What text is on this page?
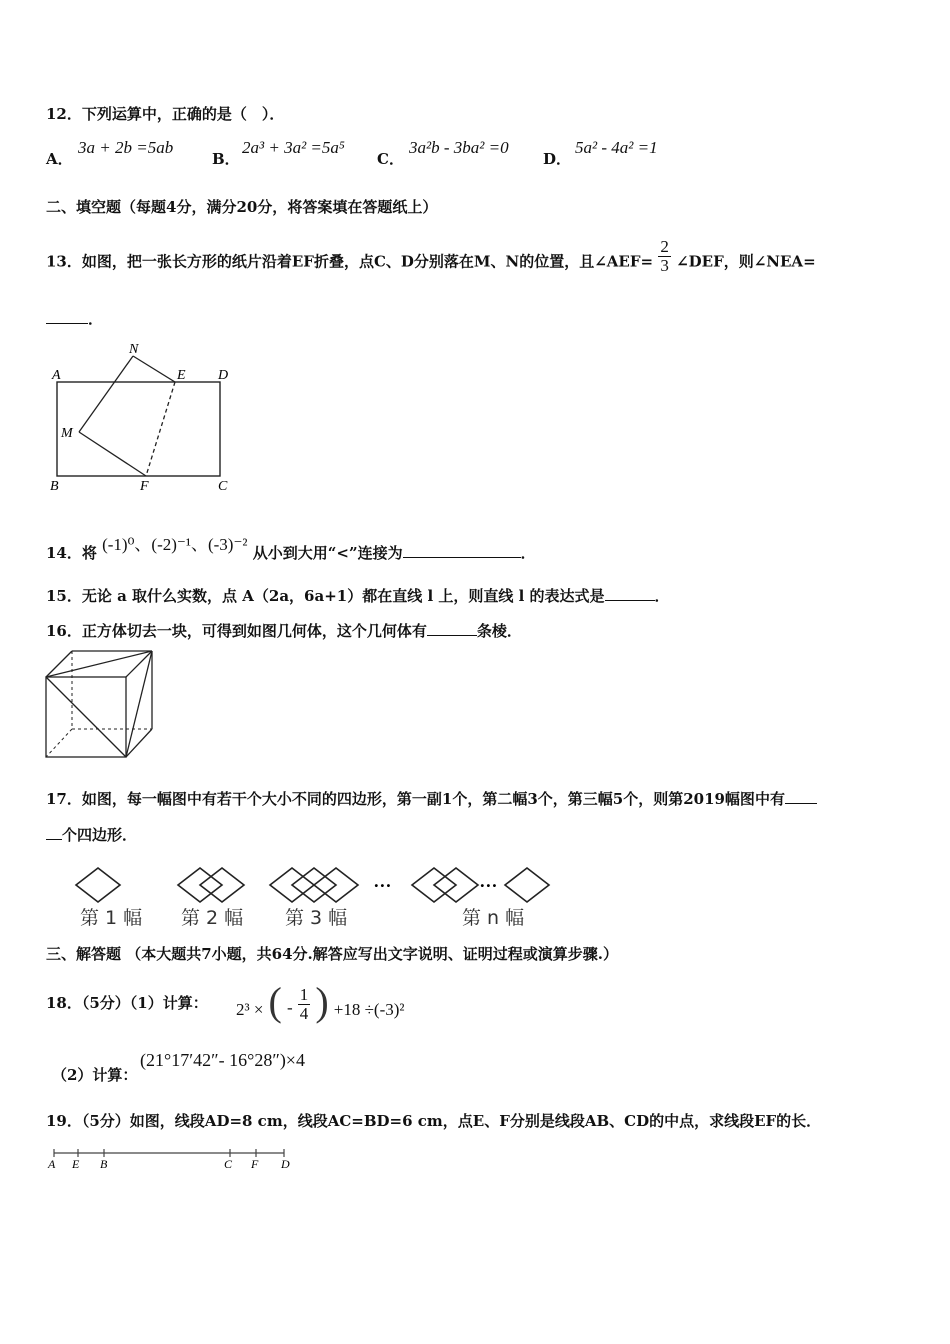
12．下列运算中，正确的是（　）．
A．
3a + 2b =5ab
B．
2a³ + 3a² =5a⁵
C．
3a²b - 3ba² =0
D．
5a² - 4a² =1
二、填空题（每题4分，满分20分，将答案填在答题纸上）
13．如图，把一张长方形的纸片沿着EF折叠，点C、D分别落在M、N的位置，且∠AEF= $\frac{2}{3}$ ∠DEF，则∠NEA=
．
A
N
E D
M
B	F	C
14．将 (-1)⁰、(-2)⁻¹、(-3)⁻² 从小到大用“<”连接为	．
15．无论 a 取什么实数，点 A（2a，6a+1）都在直线 l 上，则直线 l 的表达式是	．
16．正方体切去一块，可得到如图几何体，这个几何体有	条棱．
17．如图，每一幅图中有若干个大小不同的四边形，第一副1个，第二幅3个，第三幅5个，则第2019幅图中有
个四边形．
…	…
第 1 幅 第 2 幅 第 3 幅	第 n 幅
三、解答题 （本大题共7小题，共64分.解答应写出文字说明、证明过程或演算步骤.）
18．（5分）（1）计算： 2³ × ( - $\frac{1}{4}$ ) +18 ÷(-3)²
（2）计算：
(21°17′42″- 16°28″)×4
19．（5分）如图，线段AD=8 cm，线段AC=BD=6 cm，点E、F分别是线段AB、CD的中点，求线段EF的长．
A E B	C F D
